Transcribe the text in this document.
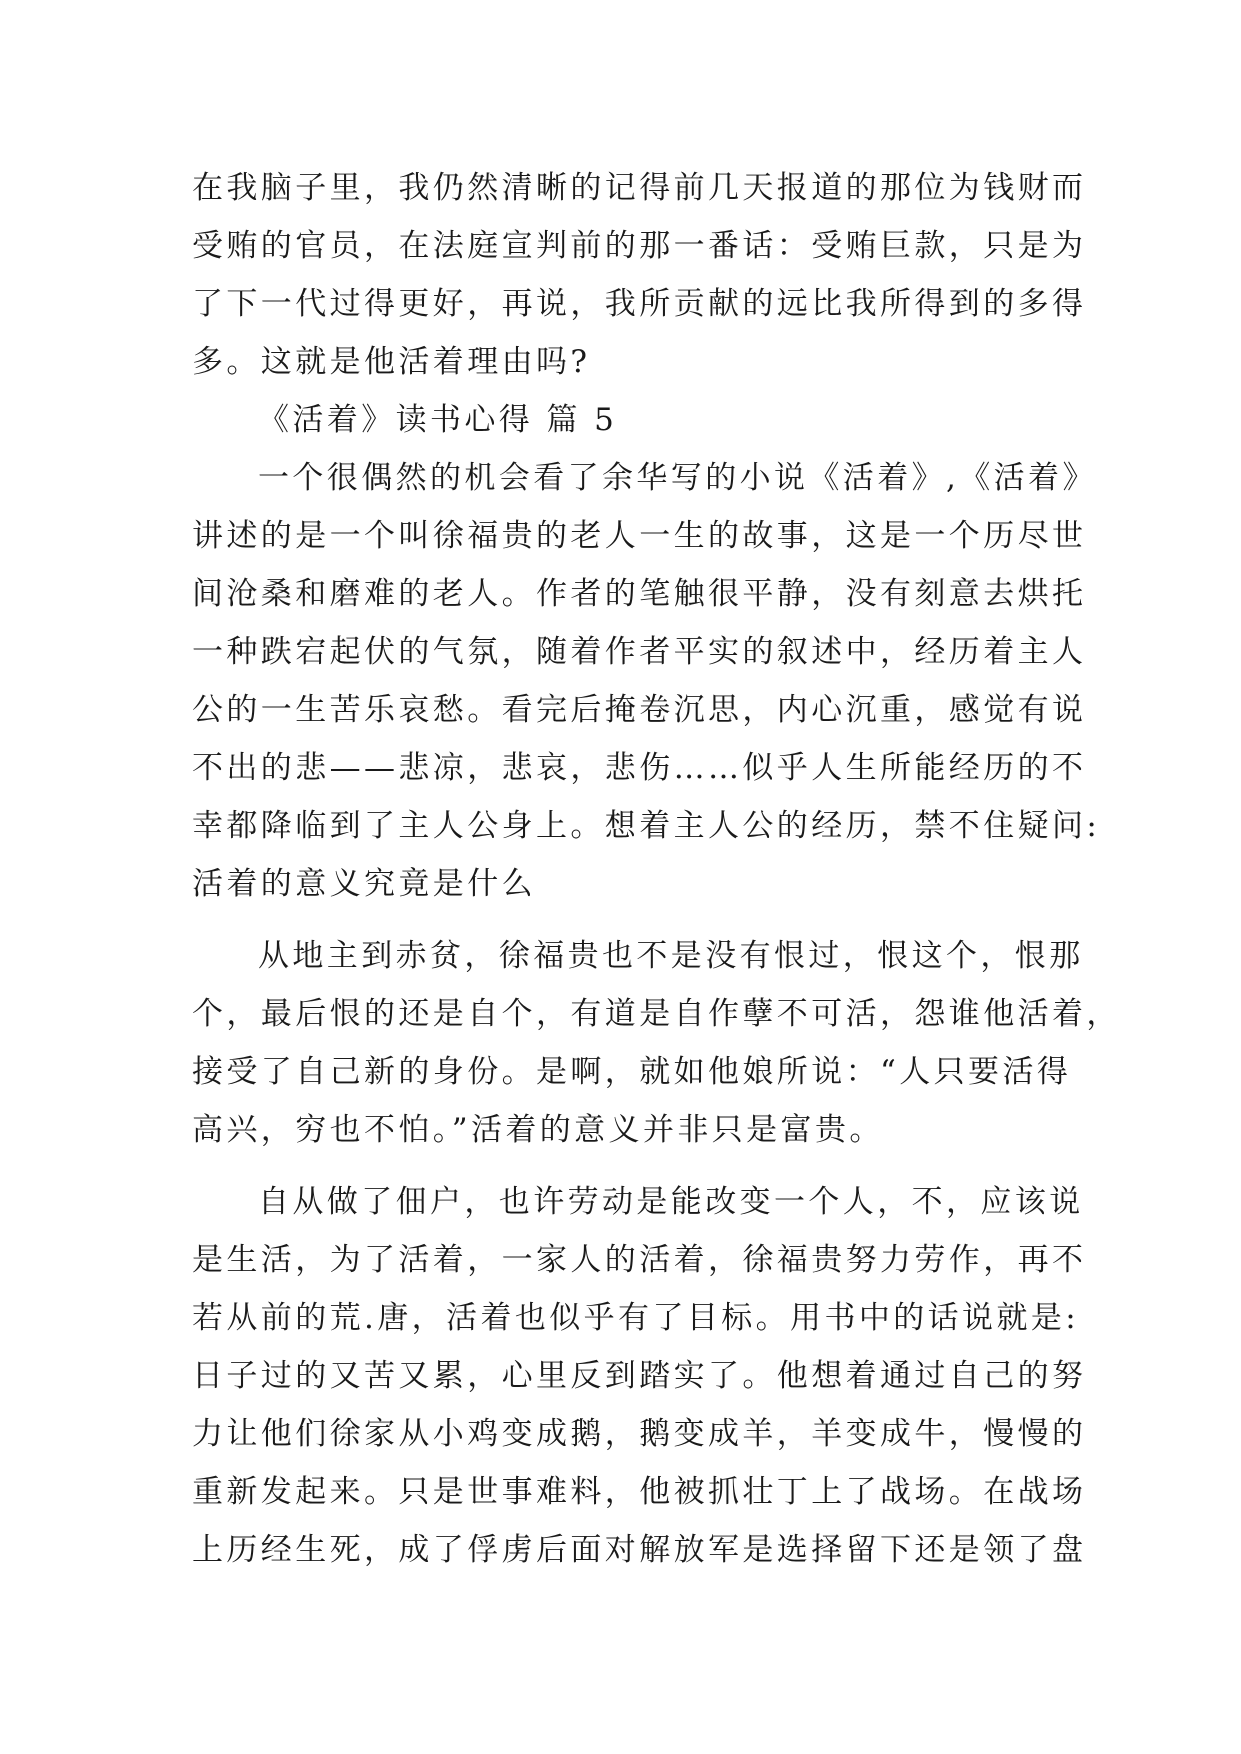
在我脑子里，我仍然清晰的记得前几天报道的那位为钱财而
受贿的官员，在法庭宣判前的那一番话：受贿巨款，只是为
了下一代过得更好，再说，我所贡献的远比我所得到的多得
多。这就是他活着理由吗?
《活着》读书心得 篇 5
一个很偶然的机会看了余华写的小说《活着》,《活着》
讲述的是一个叫徐福贵的老人一生的故事，这是一个历尽世
间沧桑和磨难的老人。作者的笔触很平静，没有刻意去烘托
一种跌宕起伏的气氛，随着作者平实的叙述中，经历着主人
公的一生苦乐哀愁。看完后掩卷沉思，内心沉重，感觉有说
不出的悲——悲凉，悲哀，悲伤……似乎人生所能经历的不
幸都降临到了主人公身上。想着主人公的经历，禁不住疑问:
活着的意义究竟是什么
从地主到赤贫，徐福贵也不是没有恨过，恨这个，恨那
个，最后恨的还是自个，有道是自作孽不可活，怨谁他活着，
接受了自己新的身份。是啊，就如他娘所说：“人只要活得
高兴，穷也不怕。”活着的意义并非只是富贵。
自从做了佃户，也许劳动是能改变一个人，不，应该说
是生活，为了活着，一家人的活着，徐福贵努力劳作，再不
若从前的荒.唐，活着也似乎有了目标。用书中的话说就是:
日子过的又苦又累，心里反到踏实了。他想着通过自己的努
力让他们徐家从小鸡变成鹅，鹅变成羊，羊变成牛，慢慢的
重新发起来。只是世事难料，他被抓壮丁上了战场。在战场
上历经生死，成了俘虏后面对解放军是选择留下还是领了盘
